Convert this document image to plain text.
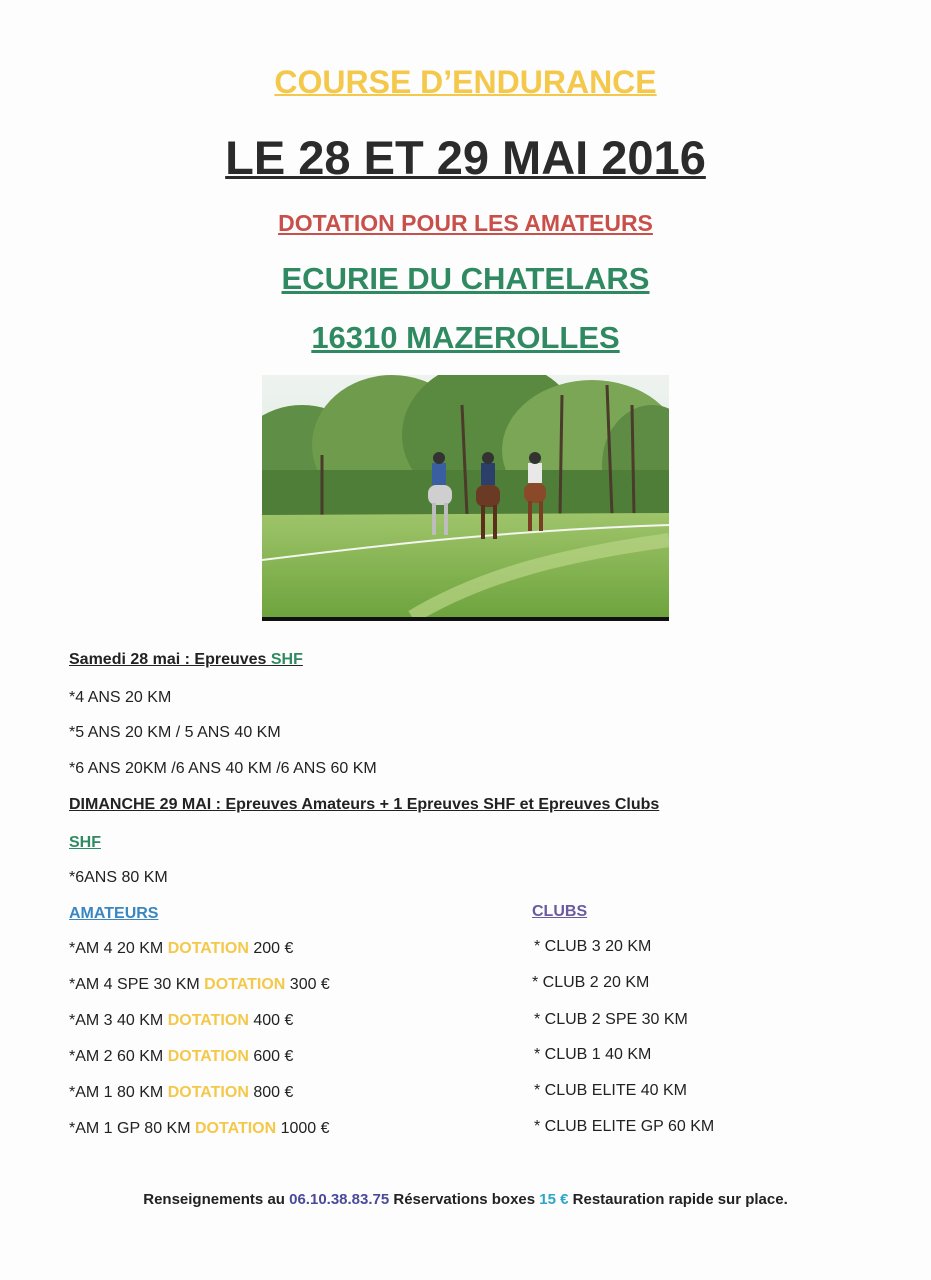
COURSE D’ENDURANCE
LE 28 ET 29 MAI 2016
DOTATION POUR LES AMATEURS
ECURIE DU CHATELARS
16310 MAZEROLLES
Samedi 28 mai : Epreuves SHF
*4 ANS 20 KM
*5 ANS 20 KM / 5 ANS 40 KM
*6 ANS 20KM /6 ANS 40 KM /6 ANS 60 KM
DIMANCHE 29 MAI : Epreuves Amateurs + 1 Epreuves SHF et Epreuves Clubs
SHF
*6ANS 80 KM
AMATEURS
*AM 4 20 KM DOTATION 200 €
*AM 4 SPE 30 KM DOTATION 300 €
*AM 3 40 KM DOTATION 400 €
*AM 2 60 KM DOTATION 600 €
*AM 1 80 KM DOTATION 800 €
*AM 1 GP 80 KM DOTATION 1000 €
CLUBS
* CLUB 3 20 KM
* CLUB 2 20 KM
* CLUB 2 SPE 30 KM
* CLUB 1 40 KM
* CLUB ELITE 40 KM
* CLUB ELITE GP 60 KM
Renseignements au 06.10.38.83.75 Réservations boxes 15 € Restauration rapide sur place.
